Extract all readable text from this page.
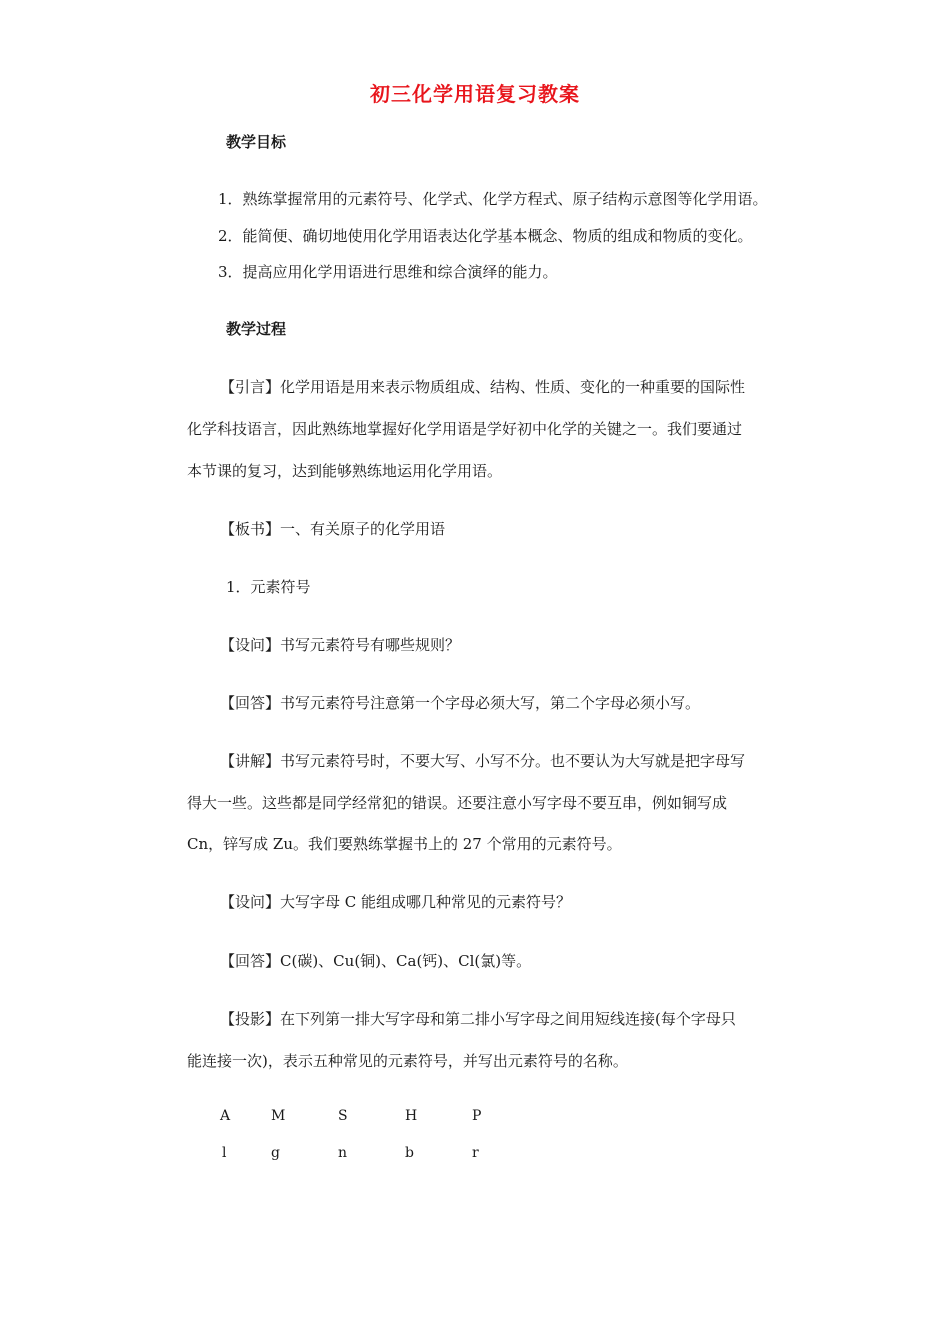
初三化学用语复习教案
教学目标
1．熟练掌握常用的元素符号、化学式、化学方程式、原子结构示意图等化学用语。
2．能简便、确切地使用化学用语表达化学基本概念、物质的组成和物质的变化。
3．提高应用化学用语进行思维和综合演绎的能力。
教学过程
【引言】化学用语是用来表示物质组成、结构、性质、变化的一种重要的国际性
化学科技语言，因此熟练地掌握好化学用语是学好初中化学的关键之一。我们要通过
本节课的复习，达到能够熟练地运用化学用语。
【板书】一、有关原子的化学用语
1．元素符号
【设问】书写元素符号有哪些规则？
【回答】书写元素符号注意第一个字母必须大写，第二个字母必须小写。
【讲解】书写元素符号时，不要大写、小写不分。也不要认为大写就是把字母写
得大一些。这些都是同学经常犯的错误。还要注意小写字母不要互串，例如铜写成
Cn，锌写成 Zu。我们要熟练掌握书上的 27 个常用的元素符号。
【设问】大写字母 C 能组成哪几种常见的元素符号？
【回答】C(碳)、Cu(铜)、Ca(钙)、Cl(氯)等。
【投影】在下列第一排大写字母和第二排小写字母之间用短线连接(每个字母只
能连接一次)，表示五种常见的元素符号，并写出元素符号的名称。
A	M	S	H	P
l	g	n	b	r
